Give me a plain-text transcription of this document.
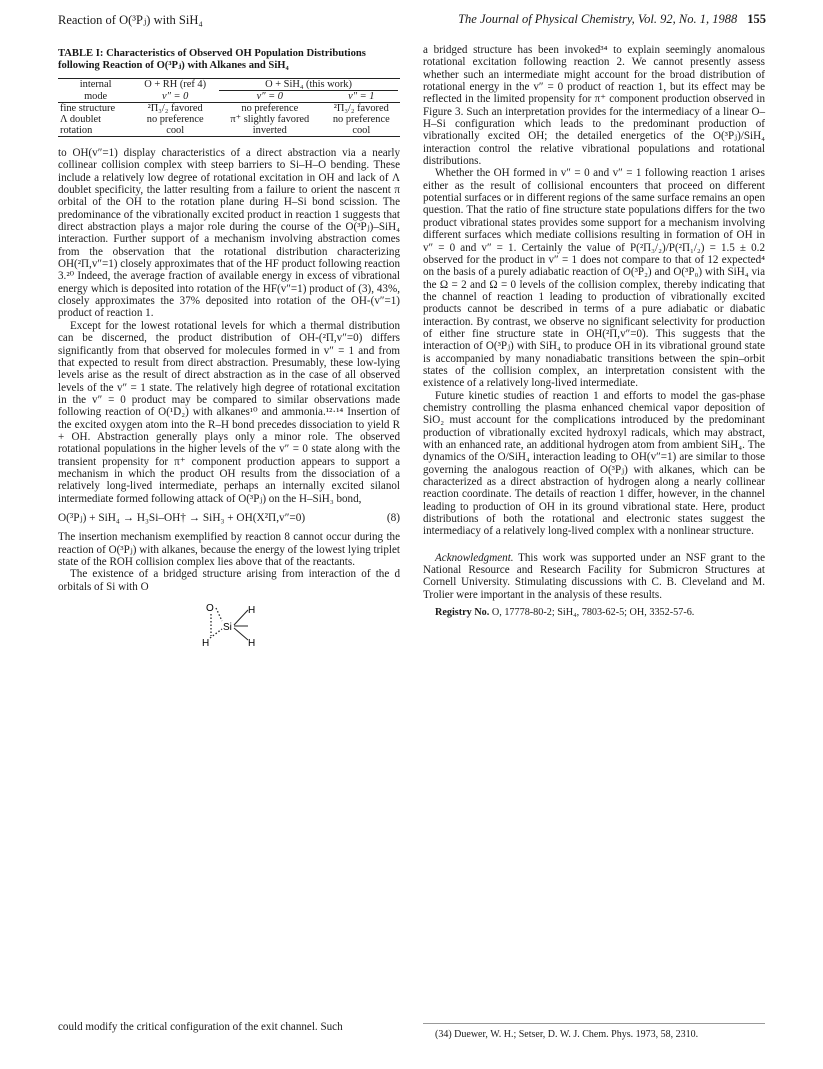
Reaction of O(³Pⱼ) with SiH₄	The Journal of Physical Chemistry, Vol. 92, No. 1, 1988 155
TABLE I: Characteristics of Observed OH Population Distributions
following Reaction of O(³Pⱼ) with Alkanes and SiH₄
internal	O + RH (ref 4)	O + SiH₄ (this work)	

mode	v″ = 0	v″ = 0	v″ = 1
fine structure	²Π₃/₂ favored	no preference	²Π₃/₂ favored
Λ doublet	no preference	π⁺ slightly favored	no preference
rotation	cool	inverted	cool

to OH(v″=1) display characteristics of a direct abstraction via a nearly collinear collision complex with steep barriers to Si–H–O bending. These include a relatively low degree of rotational excitation in OH and lack of Λ doublet specificity, the latter resulting from a failure to orient the nascent π orbital of the OH to the rotation plane during H–Si bond scission. The predominance of the vibrationally excited product in reaction 1 suggests that direct abstraction plays a major role during the course of the O(³Pⱼ)–SiH₄ interaction. Further support of a mechanism involving abstraction comes from the observation that the rotational distribution characterizing OH(²Π,v″=1) closely approximates that of the HF product following reaction 3.²⁰ Indeed, the average fraction of available energy in excess of vibrational energy which is deposited into rotation of the HF(v″=1) product of (3), 43%, closely approximates the 37% deposited into rotation of the OH-(v″=1) product of reaction 1.

Except for the lowest rotational levels for which a thermal distribution can be discerned, the product distribution of OH-(²Π,v″=0) differs significantly from that observed for molecules formed in v″ = 1 and from that expected to result from direct abstraction. Presumably, these low-lying levels arise as the result of direct abstraction as in the case of all observed levels of the v″ = 1 state. The relatively high degree of rotational excitation in the v″ = 0 product may be compared to similar observations made following reaction of O(¹D₂) with alkanes¹⁰ and ammonia.¹²·¹⁴ Insertion of the excited oxygen atom into the R–H bond precedes dissociation to yield R + OH. Abstraction generally plays only a minor role. The observed rotational populations in the higher levels of the v″ = 0 state along with the transient propensity for π⁺ component production appears to support a mechanism in which the product OH results from the dissociation of a relatively long-lived intermediate, perhaps an internally excited silanol intermediate formed following attack of O(³Pⱼ) on the H–SiH₃ bond,

O(³Pⱼ) + SiH₄ → H₃Si–OH† → SiH₃ + OH(X²Π,v″=0)	(8)

The insertion mechanism exemplified by reaction 8 cannot occur during the reaction of O(³Pⱼ) with alkanes, because the energy of the lowest lying triplet state of the ROH collision complex lies above that of the reactants.

The existence of a bridged structure arising from interaction of the d orbitals of Si with O

O
Si
H
H	H

could modify the critical configuration of the exit channel. Such

a bridged structure has been invoked³⁴ to explain seemingly anomalous rotational excitation following reaction 2. We cannot presently assess whether such an intermediate might account for the broad distribution of rotational energy in the v″ = 0 product of reaction 1, but its effect may be reflected in the limited propensity for π⁺ component production observed in Figure 3. Such an interpretation provides for the intermediacy of a linear O–H–Si configuration which leads to the predominant production of vibrationally excited OH; the detailed energetics of the O(³Pⱼ)/SiH₄ interaction control the relative vibrational populations and rotational distributions.

Whether the OH formed in v″ = 0 and v″ = 1 following reaction 1 arises either as the result of collisional encounters that proceed on different potential surfaces or in different regions of the same surface remains an open question. That the ratio of fine structure state populations differs for the two product vibrational states provides some support for a mechanism involving different surfaces which mediate collisions resulting in formation of OH in v″ = 0 and v″ = 1. Certainly the value of P(²Π₃/₂)/P(²Π₁/₂) = 1.5 ± 0.2 observed for the product in v″ = 1 does not compare to that of 12 expected⁴ on the basis of a purely adiabatic reaction of O(³P₂) and O(³P₀) with SiH₄ via the Ω = 2 and Ω = 0 levels of the collision complex, thereby indicating that the channel of reaction 1 leading to production of vibrationally excited products cannot be described in terms of a pure adiabatic or diabatic interaction. By contrast, we observe no significant selectivity for production of either fine structure state in OH(²Π,v″=0). This suggests that the interaction of O(³Pⱼ) with SiH₄ to produce OH in its vibrational ground state is accompanied by many nonadiabatic transitions between the spin–orbit states of the collision complex, an interpretation consistent with the existence of a relatively long-lived intermediate.

Future kinetic studies of reaction 1 and efforts to model the gas-phase chemistry controlling the plasma enhanced chemical vapor deposition of SiO₂ must account for the complications introduced by the predominant production of vibrationally excited hydroxyl radicals, which may abstract, with an enhanced rate, an additional hydrogen atom from ambient SiH₄. The dynamics of the O/SiH₄ interaction leading to OH(v″=1) are similar to those governing the analogous reaction of O(³Pⱼ) with alkanes, which can be characterized as a direct abstraction of hydrogen along a nearly collinear reaction coordinate. The details of reaction 1 differ, however, in the channel leading to production of OH in its ground vibrational state. Here, product distributions of both the rotational and electronic states suggest the intermediacy of a relatively long-lived complex with a nonlinear structure.

Acknowledgment. This work was supported under an NSF grant to the National Resource and Research Facility for Submicron Structures at Cornell University. Stimulating discussions with C. B. Cleveland and M. Trolier were important in the analysis of these results.

Registry No. O, 17778-80-2; SiH₄, 7803-62-5; OH, 3352-57-6.

(34) Duewer, W. H.; Setser, D. W. J. Chem. Phys. 1973, 58, 2310.
